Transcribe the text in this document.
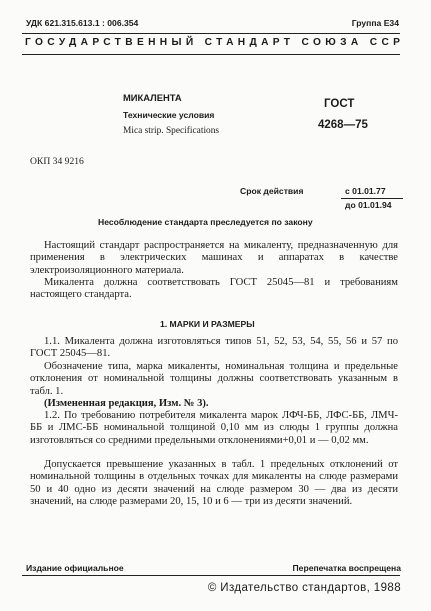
УДК 621.315.613.1 : 006.354	Группа Е34
ГОСУДАРСТВЕННЫЙ СТАНДАРТ СОЮЗА ССР
МИКАЛЕНТА
Технические условия
Mica strip. Specifications
ГОСТ
4268—75
ОКП 34 9216
Срок действия	с 01.01.77
до 01.01.94
Несоблюдение стандарта преследуется по закону
Настоящий стандарт распространяется на микаленту, предназначенную для применения в электрических машинах и аппаратах в качестве электроизоляционного материала.
Микалента должна соответствовать ГОСТ 25045—81 и требованиям настоящего стандарта.
1. МАРКИ И РАЗМЕРЫ
1.1. Микалента должна изготовляться типов 51, 52, 53, 54, 55, 56 и 57 по ГОСТ 25045—81.
Обозначение типа, марка микаленты, номинальная толщина и предельные отклонения от номинальной толщины должны соответствовать указанным в табл. 1.
(Измененная редакция, Изм. № 3).
1.2. По требованию потребителя микалента марок ЛФЧ-ББ, ЛФС-ББ, ЛМЧ-ББ и ЛМС-ББ номинальной толщиной 0,10 мм из слюды 1 группы должна изготовляться со средними предельными отклонениями+0,01 и — 0,02 мм.
Допускается превышение указанных в табл. 1 предельных отклонений от номинальной толщины в отдельных точках для микаленты на слюде размерами 50 и 40 одно из десяти значений на слюде размером 30 — два из десяти значений, на слюде размерами 20, 15, 10 и 6 — три из десяти значений.
Издание официальное	Перепечатка воспрещена
© Издательство стандартов, 1988
